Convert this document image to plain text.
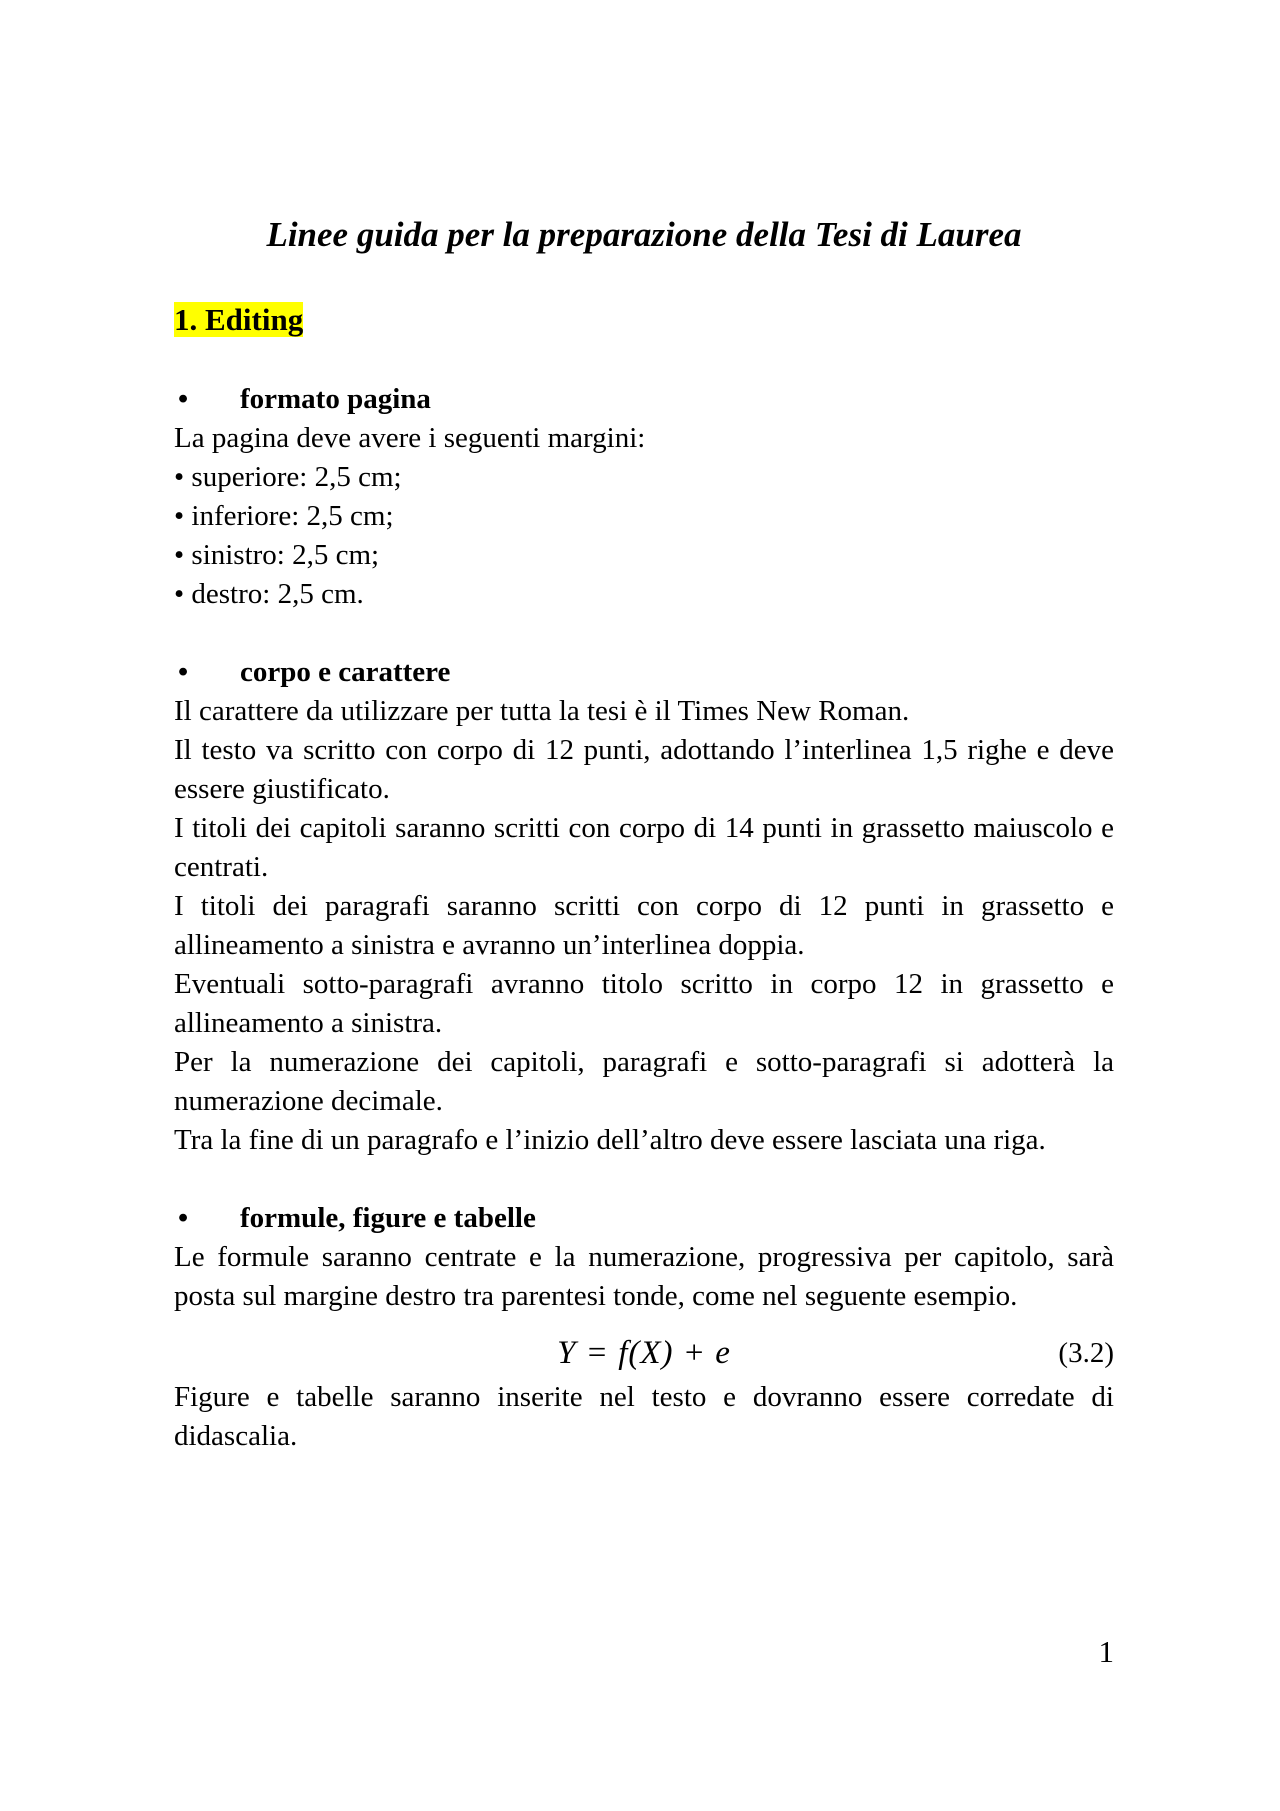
Linee guida per la preparazione della Tesi di Laurea
1. Editing
•	formato pagina

La pagina deve avere i seguenti margini:

• superiore: 2,5 cm;

• inferiore: 2,5 cm;

• sinistro: 2,5 cm;

• destro: 2,5 cm.

•	corpo e carattere

Il carattere da utilizzare per tutta la tesi è il Times New Roman.

Il testo va scritto con corpo di 12 punti, adottando l’interlinea 1,5 righe e deve essere giustificato.

I titoli dei capitoli saranno scritti con corpo di 14 punti in grassetto maiuscolo e centrati.

I titoli dei paragrafi saranno scritti con corpo di 12 punti in grassetto e allineamento a sinistra e avranno un’interlinea doppia.

Eventuali sotto-paragrafi avranno titolo scritto in corpo 12 in grassetto e allineamento a sinistra.

Per la numerazione dei capitoli, paragrafi e sotto-paragrafi si adotterà la numerazione decimale.

Tra la fine di un paragrafo e l’inizio dell’altro deve essere lasciata una riga.

•	formule, figure e tabelle

Le formule saranno centrate e la numerazione, progressiva per capitolo, sarà posta sul margine destro tra parentesi tonde, come nel seguente esempio.

Y = f(X) + e	(3.2)

Figure e tabelle saranno inserite nel testo e dovranno essere corredate di didascalia.

1
